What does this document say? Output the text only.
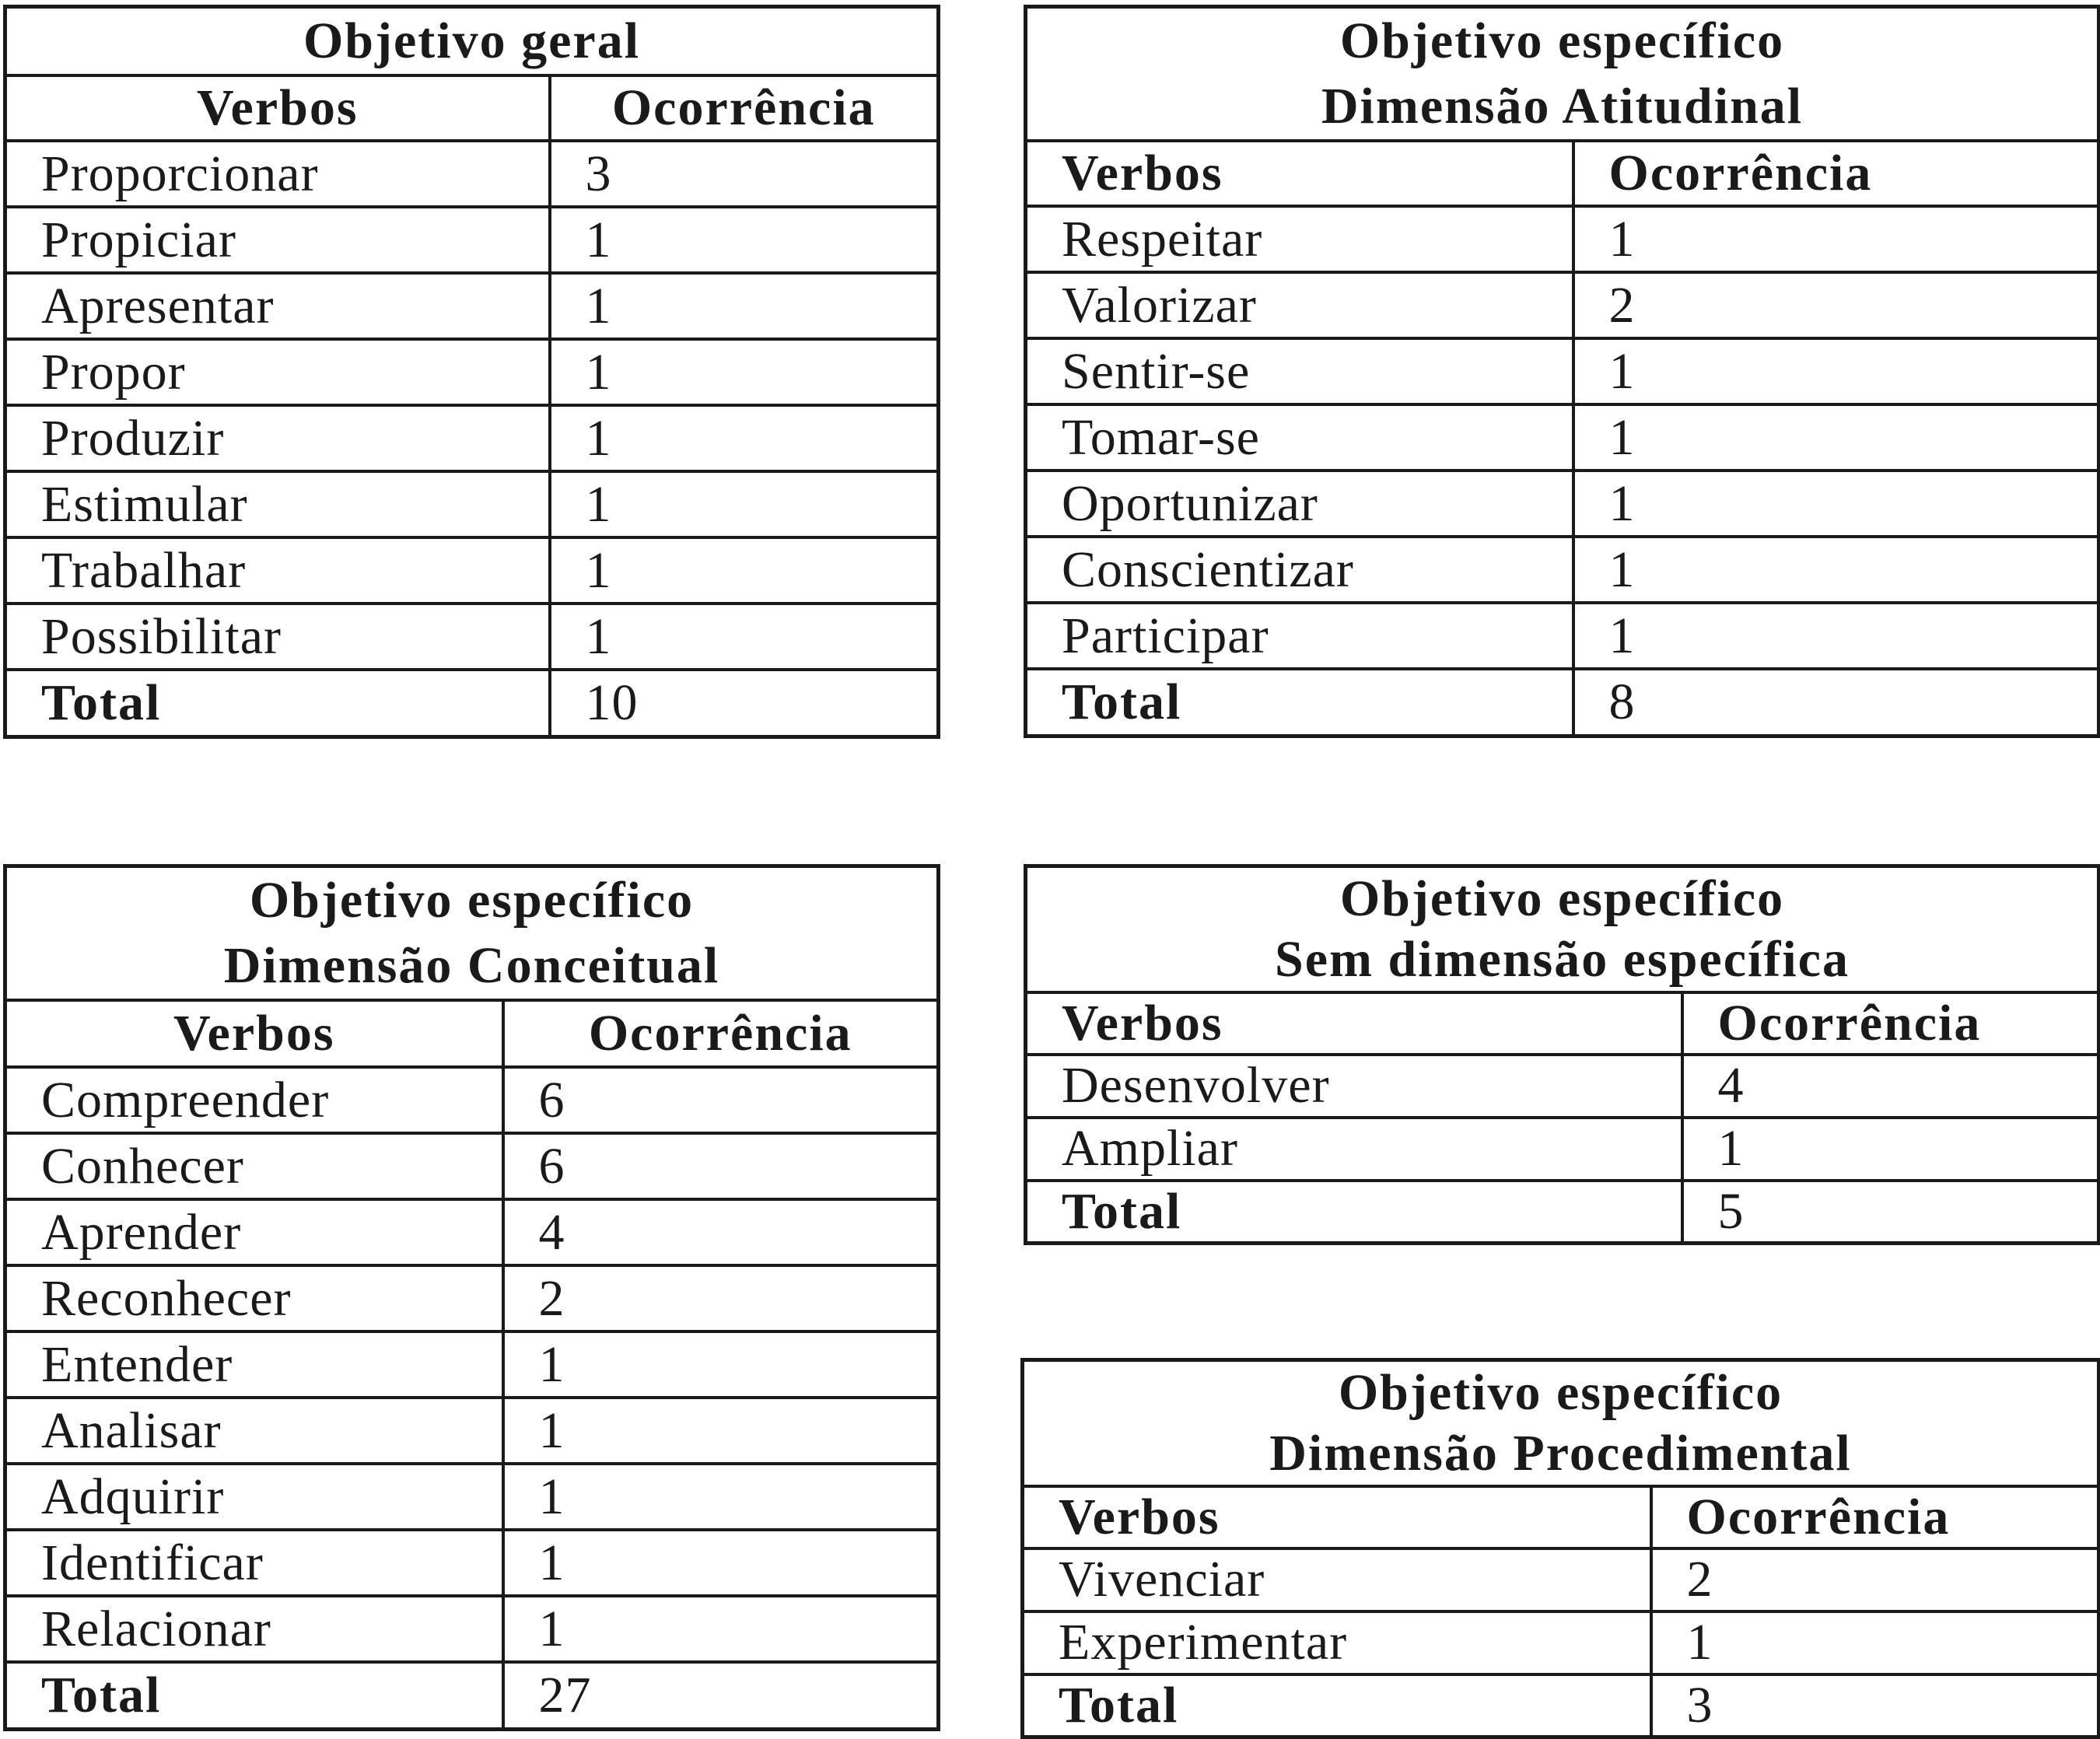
Objetivo geral	
Verbos	Ocorrência
Proporcionar	3
Propiciar	1
Apresentar	1
Propor	1
Produzir	1
Estimular	1
Trabalhar	1
Possibilitar	1
Total	10
Objetivo específico
Dimensão Atitudinal	

Verbos	Ocorrência
Respeitar	1
Valorizar	2
Sentir-se	1
Tomar-se	1
Oportunizar	1
Conscientizar	1
Participar	1
Total	8
Objetivo específico
Dimensão Conceitual	

Verbos	Ocorrência
Compreender	6
Conhecer	6
Aprender	4
Reconhecer	2
Entender	1
Analisar	1
Adquirir	1
Identificar	1
Relacionar	1
Total	27
Objetivo específico
Sem dimensão específica	

Verbos	Ocorrência
Desenvolver	4
Ampliar	1
Total	5
Objetivo específico
Dimensão Procedimental	

Verbos	Ocorrência
Vivenciar	2
Experimentar	1
Total	3
